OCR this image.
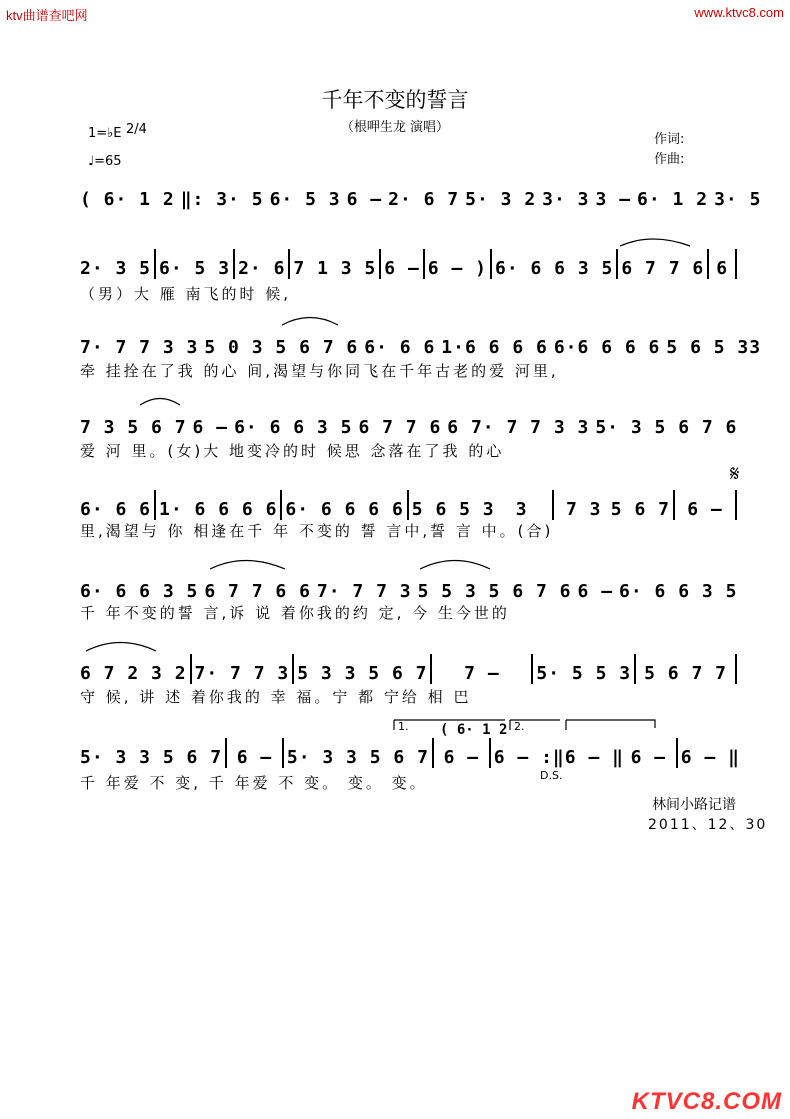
ktv曲谱查吧网	www.ktvc8.com
千年不变的誓言
（根呷生龙 演唱）
1=♭E 2/4
♩=65
作词:
作曲:
( 6· 1 2 ‖: 3· 5 6· 5 3 6 – 2· 6 7 5· 3 2 3· 3 3 – 6· 1 2 3· 5
2· 3 5 6· 5 3 2· 6 7 1 3 5 6 – 6 – ) 6· 6 6 3 5 6 7 7 6 6
（男）大 雁 南飞的时 候,
7· 7 7 3 3 5 0 3 5 6 7 6 6· 6 6 1·6 6 6 6 6·6 6 6 6 5 6 5 3 3
牵 挂拴在了我 的心 间,渴望与你同飞在千年古老的爱 河里,
7 3 5 6 7 6 – 6· 6 6 3 5 6 7 7 6 6 7· 7 7 3 3 5· 3 5 6 7 6
爱 河 里。(女)大 地变冷的时 候思 念落在了我 的心
𝄋
6· 6 6 1· 6 6 6 6 6· 6 6 6 6 5 6 5 3	3	7 3 5 6 7 6 –
里,渴望与 你 相逢在千 年 不变的 誓 言中,誓 言 中。(合)
6· 6 6 3 5 6 7 7 6 6 7· 7 7 3 5 5 3 5 6 7 6 6 – 6· 6 6 3 5
千 年不变的誓 言,诉 说 着你我的约 定, 今 生今世的
6 7 2 3 2 7· 7 7 3 5 3 3 5 6 7	7 –	5· 5 5 3 5 6 7 7
守 候, 讲 述 着你我的 幸 福。宁 都 宁给 相 巴
1. ( 6· 1 2 2.
D.S.
5· 3 3 5 6 7 6 – 5· 3 3 5 6 7 6 – 6 – :‖ 6 – ‖ 6 – 6 – ‖
千 年爱 不 变, 千 年爱 不 变。 变。 变。
林间小路记谱
2011、12、30
KTVC8.COM
